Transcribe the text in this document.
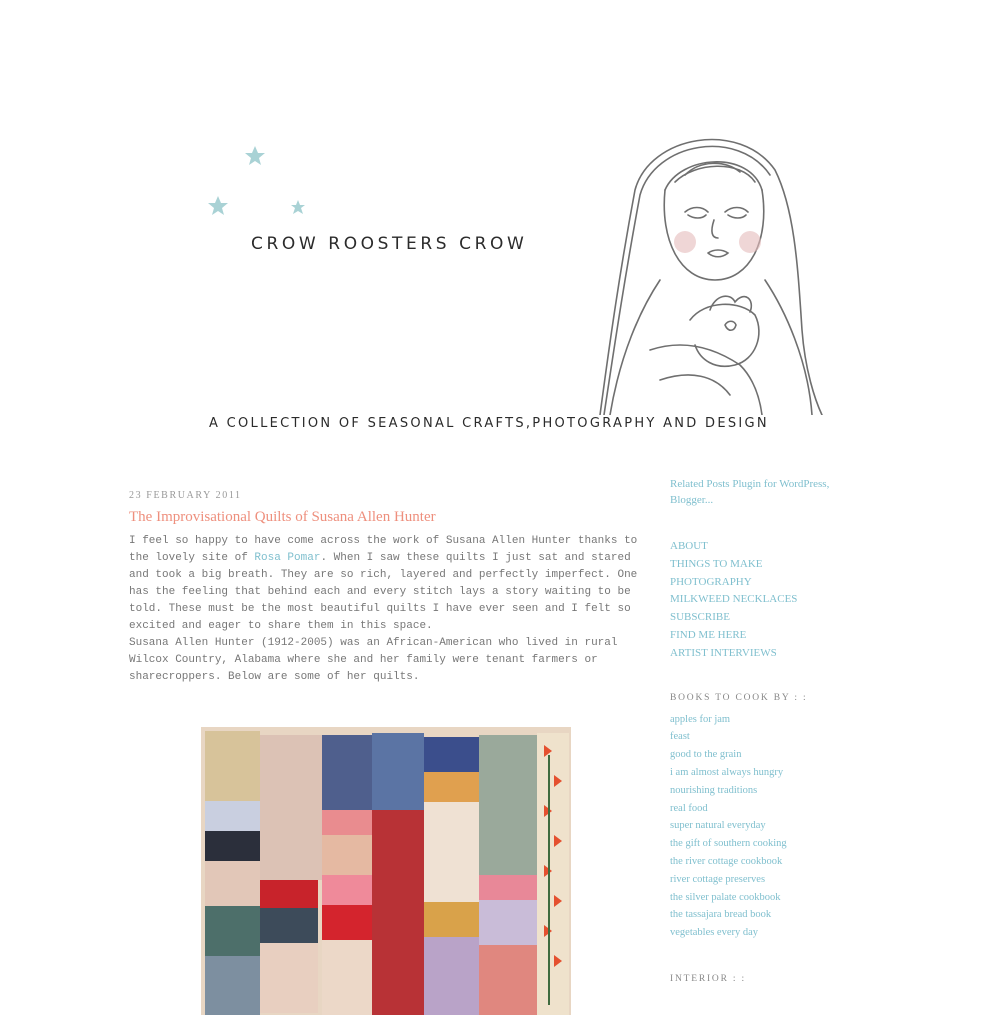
CROW ROOSTERS CROW
A COLLECTION OF SEASONAL CRAFTS,PHOTOGRAPHY AND DESIGN
23 FEBRUARY 2011
The Improvisational Quilts of Susana Allen Hunter

I feel so happy to have come across the work of Susana Allen Hunter thanks to the lovely site of Rosa Pomar. When I saw these quilts I just sat and stared and took a big breath. They are so rich, layered and perfectly imperfect. One has the feeling that behind each and every stitch lays a story waiting to be told. These must be the most beautiful quilts I have ever seen and I felt so excited and eager to share them in this space.
Susana Allen Hunter (1912-2005) was an African-American who lived in rural Wilcox Country, Alabama where she and her family were tenant farmers or sharecroppers. Below are some of her quilts.

Related Posts Plugin for WordPress, Blogger...
ABOUT
THINGS TO MAKE
PHOTOGRAPHY
MILKWEED NECKLACES
SUBSCRIBE
FIND ME HERE
ARTIST INTERVIEWS
BOOKS TO COOK BY : :
apples for jam
feast
good to the grain
i am almost always hungry
nourishing traditions
real food
super natural everyday
the gift of southern cooking
the river cottage cookbook
river cottage preserves
the silver palate cookbook
the tassajara bread book
vegetables every day
INTERIOR : :
